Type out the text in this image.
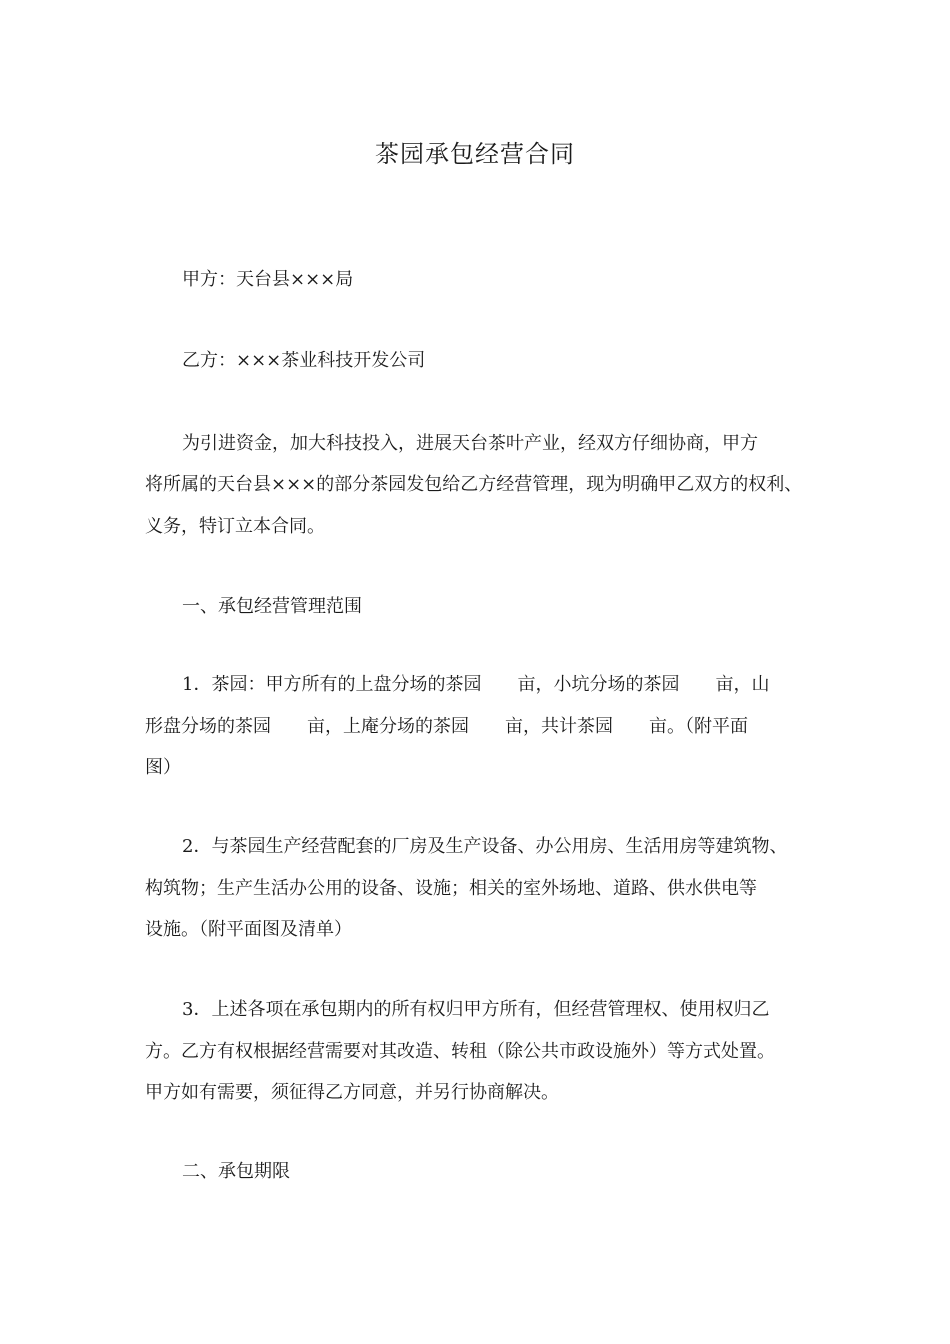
茶园承包经营合同
甲方：天台县×××局
乙方：×××茶业科技开发公司
为引进资金，加大科技投入，进展天台茶叶产业，经双方仔细协商，甲方
将所属的天台县×××的部分茶园发包给乙方经营管理，现为明确甲乙双方的权利、
义务，特订立本合同。
一、承包经营管理范围
1．茶园：甲方所有的上盘分场的茶园 亩，小坑分场的茶园 亩，山
形盘分场的茶园 亩，上庵分场的茶园 亩，共计茶园 亩。（附平面
图）
2．与茶园生产经营配套的厂房及生产设备、办公用房、生活用房等建筑物、
构筑物；生产生活办公用的设备、设施；相关的室外场地、道路、供水供电等
设施。（附平面图及清单）
3．上述各项在承包期内的所有权归甲方所有，但经营管理权、使用权归乙
方。乙方有权根据经营需要对其改造、转租（除公共市政设施外）等方式处置。
甲方如有需要，须征得乙方同意，并另行协商解决。
二、承包期限
